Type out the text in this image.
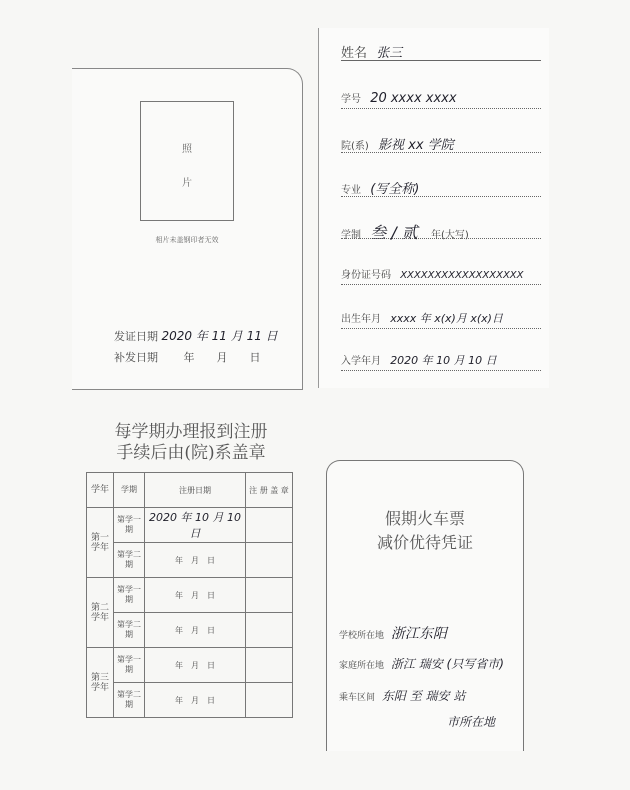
照
片
相片未盖钢印者无效
发证日期 2020 年 11 月 11 日
补发日期 年　　月　　日
姓名 张三
学号 20 xxxx xxxx
院(系) 影视 xx 学院
专业 (写全称)
学制 叁 / 贰 年(大写)
身份证号码 XXXXXXXXXXXXXXXXXX
出生年月 xxxx 年 x(x)月 x(x)日
入学年月 2020 年 10 月 10 日
每学期办理报到注册
手续后由(院)系盖章
学年	学期	注册日期	注 册 盖 章
第一学年	第学一期	2020 年 10 月 10 日	
	第学二期	年　月　日	
第二学年	第学一期	年　月　日	
	第学二期	年　月　日	
第三学年	第学一期	年　月　日	
	第学二期	年　月　日	
假期火车票
减价优待凭证
学校所在地 浙江东阳
家庭所在地 浙江 瑞安 (只写省市)
乘车区间 东阳 至 瑞安 站
市所在地
